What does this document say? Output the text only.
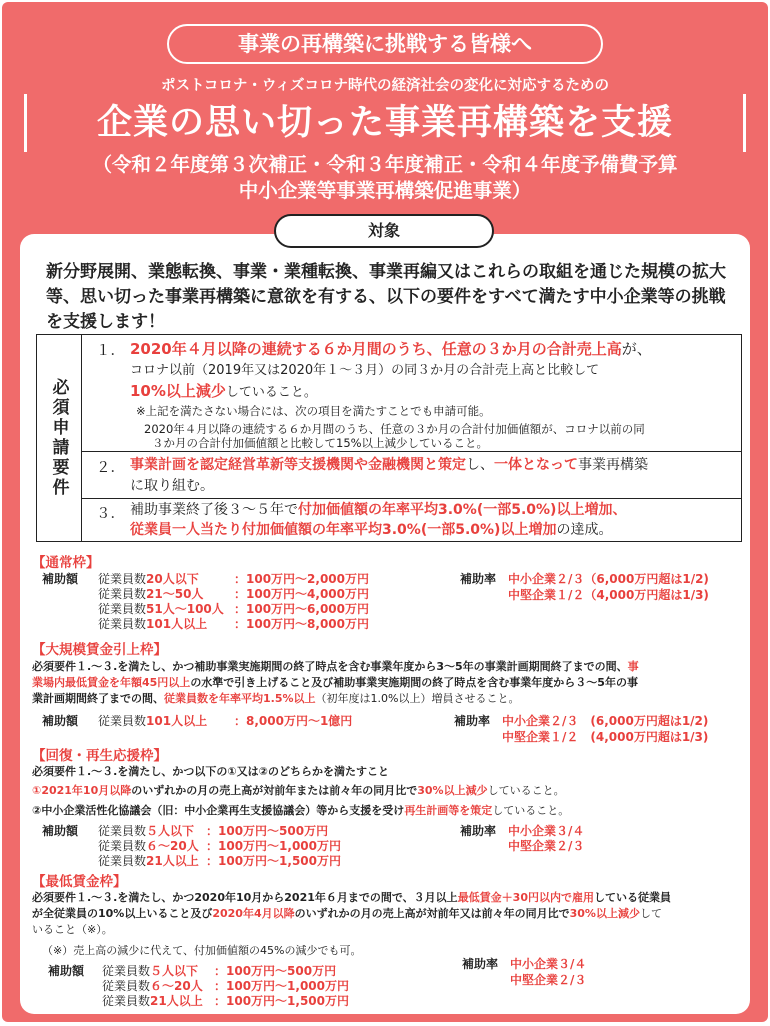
事業の再構築に挑戦する皆様へ
ポストコロナ・ウィズコロナ時代の経済社会の変化に対応するための
企業の思い切った事業再構築を支援
（令和２年度第３次補正・令和３年度補正・令和４年度予備費予算
中小企業等事業再構築促進事業）
対象
新分野展開、業態転換、事業・業種転換、事業再編又はこれらの取組を通じた規模の拡大等、思い切った事業再構築に意欲を有する、以下の要件をすべて満たす中小企業等の挑戦を支援します！
必須申請要件
１． 2020年４月以降の連続する６か月間のうち、任意の３か月の合計売上高が、
コロナ以前（2019年又は2020年１～３月）の同３か月の合計売上高と比較して
10%以上減少していること。
※上記を満たさない場合には、次の項目を満たすことでも申請可能。
2020年４月以降の連続する６か月間のうち、任意の３か月の合計付加価値額が、コロナ以前の同
３か月の合計付加価値額と比較して15%以上減少していること。
２． 事業計画を認定経営革新等支援機関や金融機関と策定し、一体となって事業再構築
に取り組む。
３． 補助事業終了後３～５年で付加価値額の年率平均3.0%(一部5.0%)以上増加、
従業員一人当たり付加価値額の年率平均3.0%(一部5.0%)以上増加の達成。
【通常枠】
補助額 従業員数20人以下	：100万円～2,000万円
従業員数21～50人	：100万円～4,000万円
従業員数51人～100人 ：100万円～6,000万円
従業員数101人以上 ：100万円～8,000万円
補助率 中小企業２/３（6,000万円超は1/2)
中堅企業１/２（4,000万円超は1/3)
【大規模賃金引上枠】
必須要件１.～３.を満たし、かつ補助事業実施期間の終了時点を含む事業年度から3～5年の事業計画期間終了までの間、事
業場内最低賃金を年額45円以上の水準で引き上げること及び補助事業実施期間の終了時点を含む事業年度から３～5年の事
業計画期間終了までの間、従業員数を年率平均1.5%以上（初年度は1.0%以上）増員させること。
補助額 従業員数101人以上 ：8,000万円～1億円	補助率 中小企業２/３　(6,000万円超は1/2)
中堅企業１/２　(4,000万円超は1/3)
【回復・再生応援枠】
必須要件１.～３.を満たし、かつ以下の①又は②のどちらかを満たすこと
①2021年10月以降のいずれかの月の売上高が対前年または前々年の同月比で30%以上減少していること。
②中小企業活性化協議会（旧：中小企業再生支援協議会）等から支援を受け再生計画等を策定していること。
補助額 従業員数５人以下 ：100万円～500万円
従業員数６～20人 ：100万円～1,000万円
従業員数21人以上 ：100万円～1,500万円
補助率 中小企業３/４
中堅企業２/３
【最低賃金枠】
必須要件１.～３.を満たし、かつ2020年10月から2021年６月までの間で、３月以上最低賃金＋30円以内で雇用している従業員
が全従業員の10%以上いること及び2020年4月以降のいずれかの月の売上高が対前年又は前々年の同月比で30%以上減少して
いること（※）。
（※）売上高の減少に代えて、付加価値額の45%の減少でも可。
補助額 従業員数５人以下 ：100万円～500万円
従業員数６～20人 ：100万円～1,000万円
従業員数21人以上 ：100万円～1,500万円
補助率 中小企業３/４
中堅企業２/３
